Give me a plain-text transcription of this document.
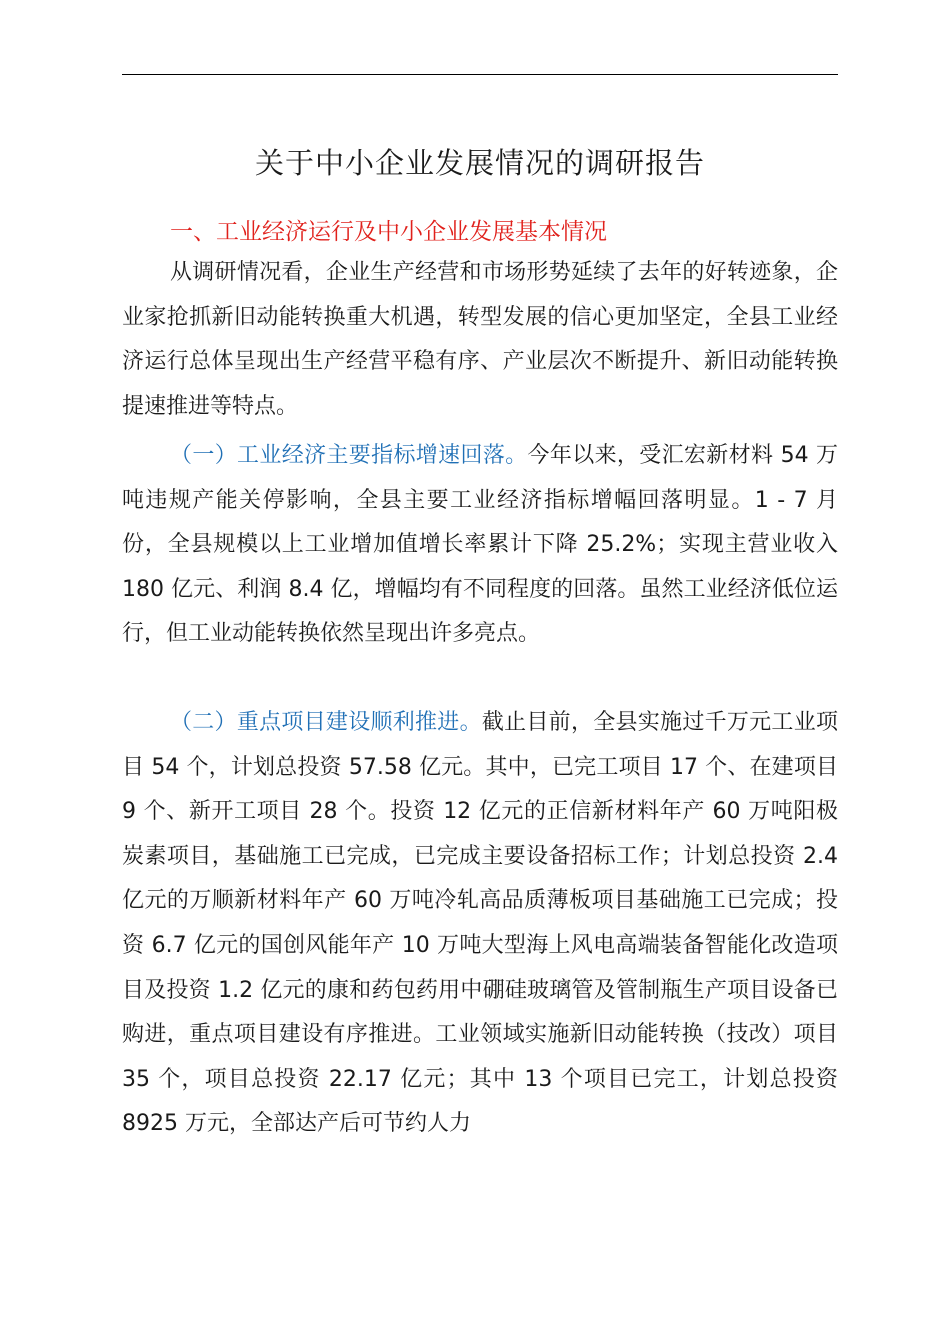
关于中小企业发展情况的调研报告
一、工业经济运行及中小企业发展基本情况

从调研情况看，企业生产经营和市场形势延续了去年的好转迹象，企业家抢抓新旧动能转换重大机遇，转型发展的信心更加坚定，全县工业经济运行总体呈现出生产经营平稳有序、产业层次不断提升、新旧动能转换提速推进等特点。

（一）工业经济主要指标增速回落。今年以来，受汇宏新材料 54 万吨违规产能关停影响，全县主要工业经济指标增幅回落明显。1 - 7 月份，全县规模以上工业增加值增长率累计下降 25.2%；实现主营业收入 180 亿元、利润 8.4 亿，增幅均有不同程度的回落。虽然工业经济低位运行，但工业动能转换依然呈现出许多亮点。

（二）重点项目建设顺利推进。截止目前，全县实施过千万元工业项目 54 个，计划总投资 57.58 亿元。其中，已完工项目 17 个、在建项目 9 个、新开工项目 28 个。投资 12 亿元的正信新材料年产 60 万吨阳极炭素项目，基础施工已完成，已完成主要设备招标工作；计划总投资 2.4 亿元的万顺新材料年产 60 万吨冷轧高品质薄板项目基础施工已完成；投资 6.7 亿元的国创风能年产 10 万吨大型海上风电高端装备智能化改造项目及投资 1.2 亿元的康和药包药用中硼硅玻璃管及管制瓶生产项目设备已购进，重点项目建设有序推进。工业领域实施新旧动能转换（技改）项目 35 个，项目总投资 22.17 亿元；其中 13 个项目已完工，计划总投资 8925 万元，全部达产后可节约人力
